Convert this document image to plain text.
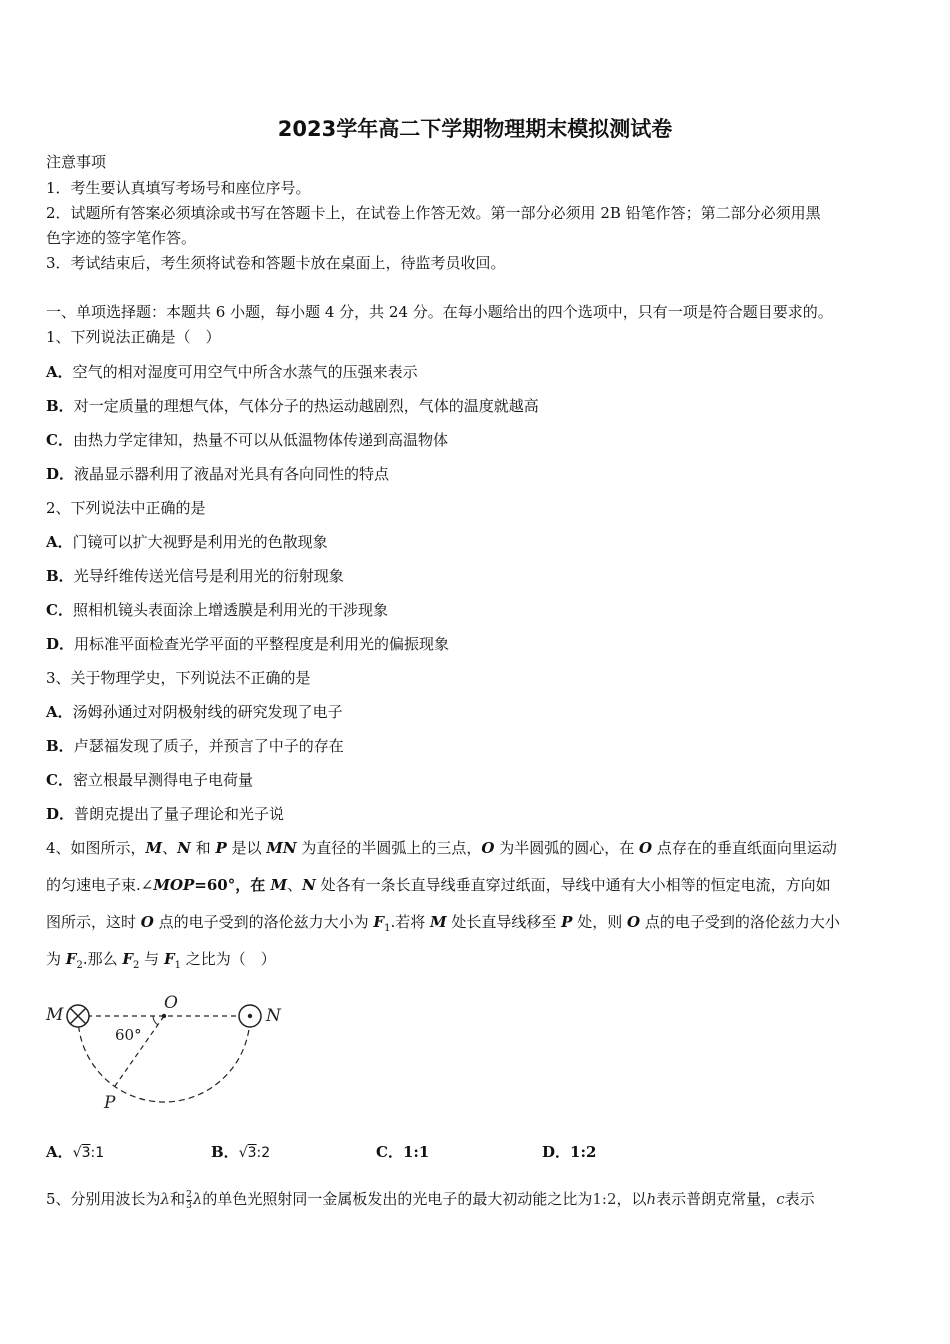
2023学年高二下学期物理期末模拟测试卷
注意事项
1．考生要认真填写考场号和座位序号。
2．试题所有答案必须填涂或书写在答题卡上，在试卷上作答无效。第一部分必须用 2B 铅笔作答；第二部分必须用黑
色字迹的签字笔作答。
3．考试结束后，考生须将试卷和答题卡放在桌面上，待监考员收回。
一、单项选择题：本题共 6 小题，每小题 4 分，共 24 分。在每小题给出的四个选项中，只有一项是符合题目要求的。
1、下列说法正确是（　）
A．空气的相对湿度可用空气中所含水蒸气的压强来表示
B．对一定质量的理想气体，气体分子的热运动越剧烈，气体的温度就越高
C．由热力学定律知，热量不可以从低温物体传递到高温物体
D．液晶显示器利用了液晶对光具有各向同性的特点
2、下列说法中正确的是
A．门镜可以扩大视野是利用光的色散现象
B．光导纤维传送光信号是利用光的衍射现象
C．照相机镜头表面涂上增透膜是利用光的干涉现象
D．用标准平面检查光学平面的平整程度是利用光的偏振现象
3、关于物理学史，下列说法不正确的是
A．汤姆孙通过对阴极射线的研究发现了电子
B．卢瑟福发现了质子，并预言了中子的存在
C．密立根最早测得电子电荷量
D．普朗克提出了量子理论和光子说
4、如图所示，M、N 和 P 是以 MN 为直径的半圆弧上的三点，O 为半圆弧的圆心，在 O 点存在的垂直纸面向里运动
的匀速电子束.∠MOP=60°，在 M、N 处各有一条长直导线垂直穿过纸面，导线中通有大小相等的恒定电流，方向如
图所示，这时 O 点的电子受到的洛伦兹力大小为 $F_1$.若将 M 处长直导线移至 P 处，则 O 点的电子受到的洛伦兹力大小
为 $F_2$.那么 $F_2$ 与 $F_1$ 之比为（　）
M
O
N
P
60°
A．√3:1	B．√3:2	C．1:1	D．1:2
5、分别用波长为λ和 $\frac{2}{3}$ λ的单色光照射同一金属板发出的光电子的最大初动能之比为1:2，以h表示普朗克常量，c表示
